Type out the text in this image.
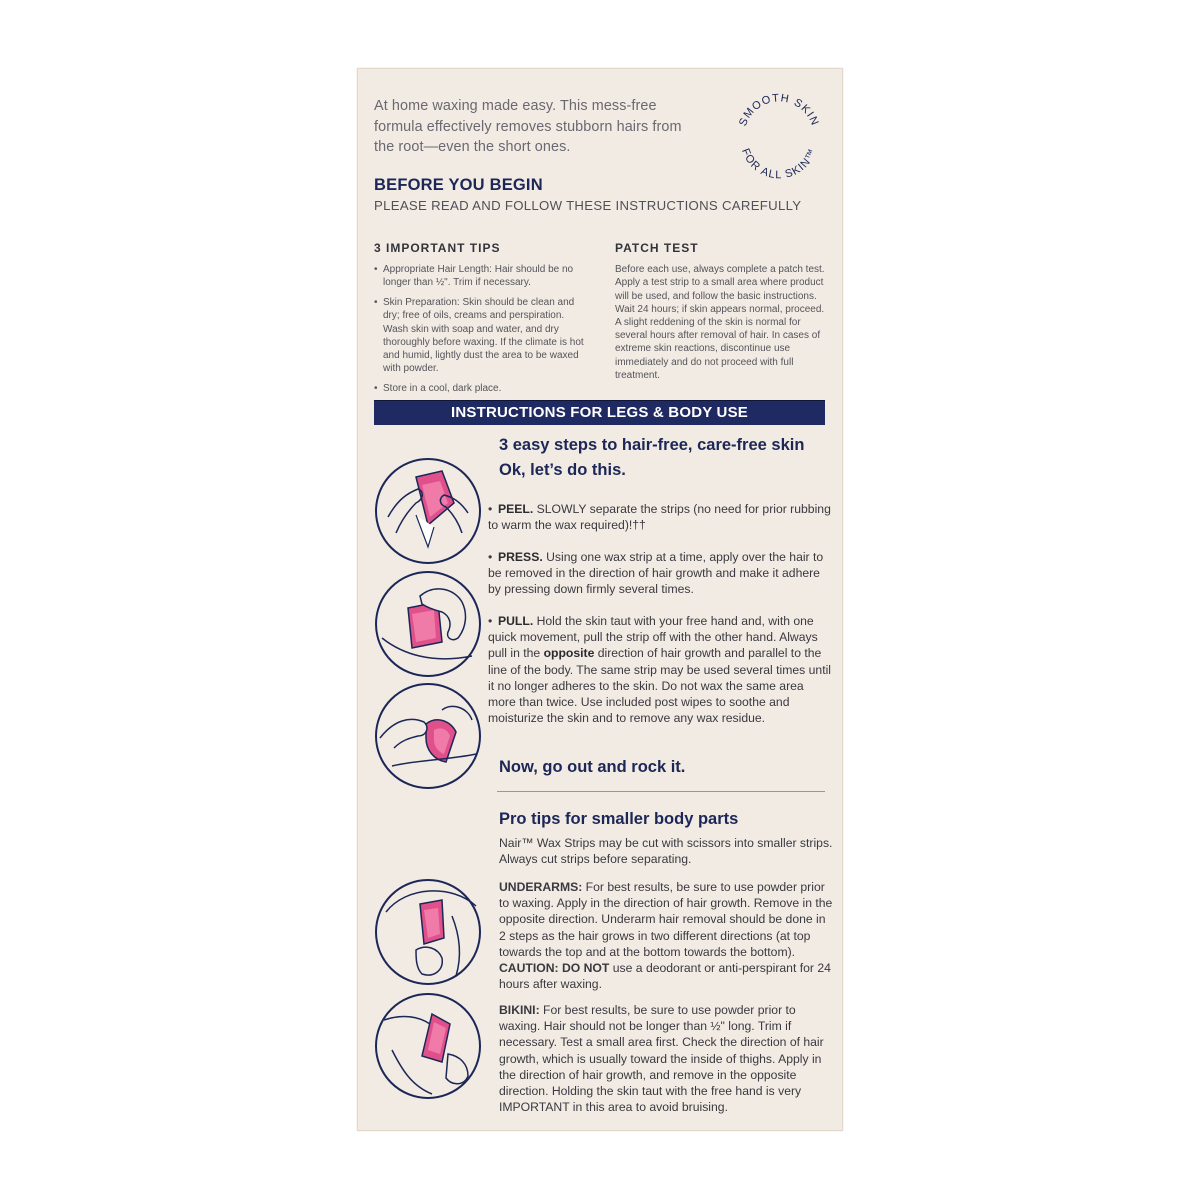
At home waxing made easy. This mess-free formula effectively removes stubborn hairs from the root—even the short ones.
SMOOTH SKIN
FOR ALL SKIN™
BEFORE YOU BEGIN
PLEASE READ AND FOLLOW THESE INSTRUCTIONS CAREFULLY
3 IMPORTANT TIPS
• Appropriate Hair Length: Hair should be no longer than ½". Trim if necessary.
• Skin Preparation: Skin should be clean and dry; free of oils, creams and perspiration. Wash skin with soap and water, and dry thoroughly before waxing. If the climate is hot and humid, lightly dust the area to be waxed with powder.
• Store in a cool, dark place.
PATCH TEST
Before each use, always complete a patch test. Apply a test strip to a small area where product will be used, and follow the basic instructions. Wait 24 hours; if skin appears normal, proceed. A slight reddening of the skin is normal for several hours after removal of hair. In cases of extreme skin reactions, discontinue use immediately and do not proceed with full treatment.
INSTRUCTIONS FOR LEGS & BODY USE
3 easy steps to hair-free, care-free skin
Ok, let’s do this.
• PEEL. SLOWLY separate the strips (no need for prior rubbing to warm the wax required)!††
• PRESS. Using one wax strip at a time, apply over the hair to be removed in the direction of hair growth and make it adhere by pressing down firmly several times.
• PULL. Hold the skin taut with your free hand and, with one quick movement, pull the strip off with the other hand. Always pull in the opposite direction of hair growth and parallel to the line of the body. The same strip may be used several times until it no longer adheres to the skin. Do not wax the same area more than twice. Use included post wipes to soothe and moisturize the skin and to remove any wax residue.
Now, go out and rock it.
Pro tips for smaller body parts
Nair™ Wax Strips may be cut with scissors into smaller strips. Always cut strips before separating.
UNDERARMS: For best results, be sure to use powder prior to waxing. Apply in the direction of hair growth. Remove in the opposite direction. Underarm hair removal should be done in 2 steps as the hair grows in two different directions (at top towards the top and at the bottom towards the bottom). CAUTION: DO NOT use a deodorant or anti-perspirant for 24 hours after waxing.
BIKINI: For best results, be sure to use powder prior to waxing. Hair should not be longer than ½" long. Trim if necessary. Test a small area first. Check the direction of hair growth, which is usually toward the inside of thighs. Apply in the direction of hair growth, and remove in the opposite direction. Holding the skin taut with the free hand is very IMPORTANT in this area to avoid bruising.
